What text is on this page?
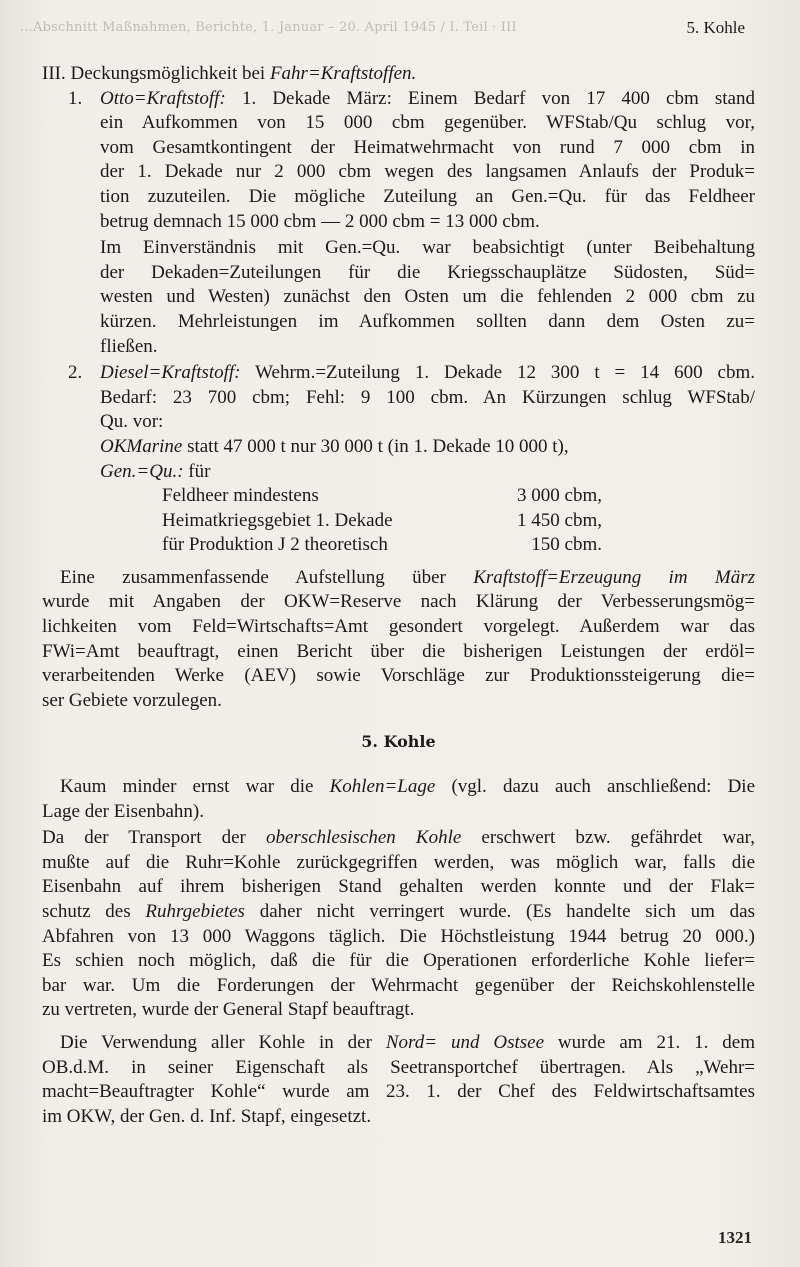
...Abschnitt Maßnahmen, Berichte, 1. Januar – 20. April 1945 / I. Teil · III	5. Kohle

III. Deckungsmöglichkeit bei Fahr=Kraftstoffen.

1. Otto=Kraftstoff: 1. Dekade März: Einem Bedarf von 17 400 cbm stand
ein Aufkommen von 15 000 cbm gegenüber. WFStab/Qu schlug vor,
vom Gesamtkontingent der Heimatwehrmacht von rund 7 000 cbm in
der 1. Dekade nur 2 000 cbm wegen des langsamen Anlaufs der Produk=
tion zuzuteilen. Die mögliche Zuteilung an Gen.=Qu. für das Feldheer
betrug demnach 15 000 cbm — 2 000 cbm = 13 000 cbm.

Im Einverständnis mit Gen.=Qu. war beabsichtigt (unter Beibehaltung
der Dekaden=Zuteilungen für die Kriegsschauplätze Südosten, Süd=
westen und Westen) zunächst den Osten um die fehlenden 2 000 cbm zu
kürzen. Mehrleistungen im Aufkommen sollten dann dem Osten zu=
fließen.

2. Diesel=Kraftstoff: Wehrm.=Zuteilung 1. Dekade 12 300 t = 14 600 cbm.
Bedarf: 23 700 cbm; Fehl: 9 100 cbm. An Kürzungen schlug WFStab/
Qu. vor:
OKMarine statt 47 000 t nur 30 000 t (in 1. Dekade 10 000 t),
Gen.=Qu.: für

Feldheer mindestens	3 000 cbm,
Heimatkriegsgebiet 1. Dekade	1 450 cbm,
für Produktion J 2 theoretisch	150 cbm.

Eine zusammenfassende Aufstellung über Kraftstoff=Erzeugung im März
wurde mit Angaben der OKW=Reserve nach Klärung der Verbesserungsmög=
lichkeiten vom Feld=Wirtschafts=Amt gesondert vorgelegt. Außerdem war das
FWi=Amt beauftragt, einen Bericht über die bisherigen Leistungen der erdöl=
verarbeitenden Werke (AEV) sowie Vorschläge zur Produktionssteigerung die=
ser Gebiete vorzulegen.

5. Kohle

Kaum minder ernst war die Kohlen=Lage (vgl. dazu auch anschließend: Die
Lage der Eisenbahn).

Da der Transport der oberschlesischen Kohle erschwert bzw. gefährdet war,
mußte auf die Ruhr=Kohle zurückgegriffen werden, was möglich war, falls die
Eisenbahn auf ihrem bisherigen Stand gehalten werden konnte und der Flak=
schutz des Ruhrgebietes daher nicht verringert wurde. (Es handelte sich um das
Abfahren von 13 000 Waggons täglich. Die Höchstleistung 1944 betrug 20 000.)
Es schien noch möglich, daß die für die Operationen erforderliche Kohle liefer=
bar war. Um die Forderungen der Wehrmacht gegenüber der Reichskohlenstelle
zu vertreten, wurde der General Stapf beauftragt.

Die Verwendung aller Kohle in der Nord= und Ostsee wurde am 21. 1. dem
OB.d.M. in seiner Eigenschaft als Seetransportchef übertragen. Als „Wehr=
macht=Beauftragter Kohle“ wurde am 23. 1. der Chef des Feldwirtschaftsamtes
im OKW, der Gen. d. Inf. Stapf, eingesetzt.

1321
